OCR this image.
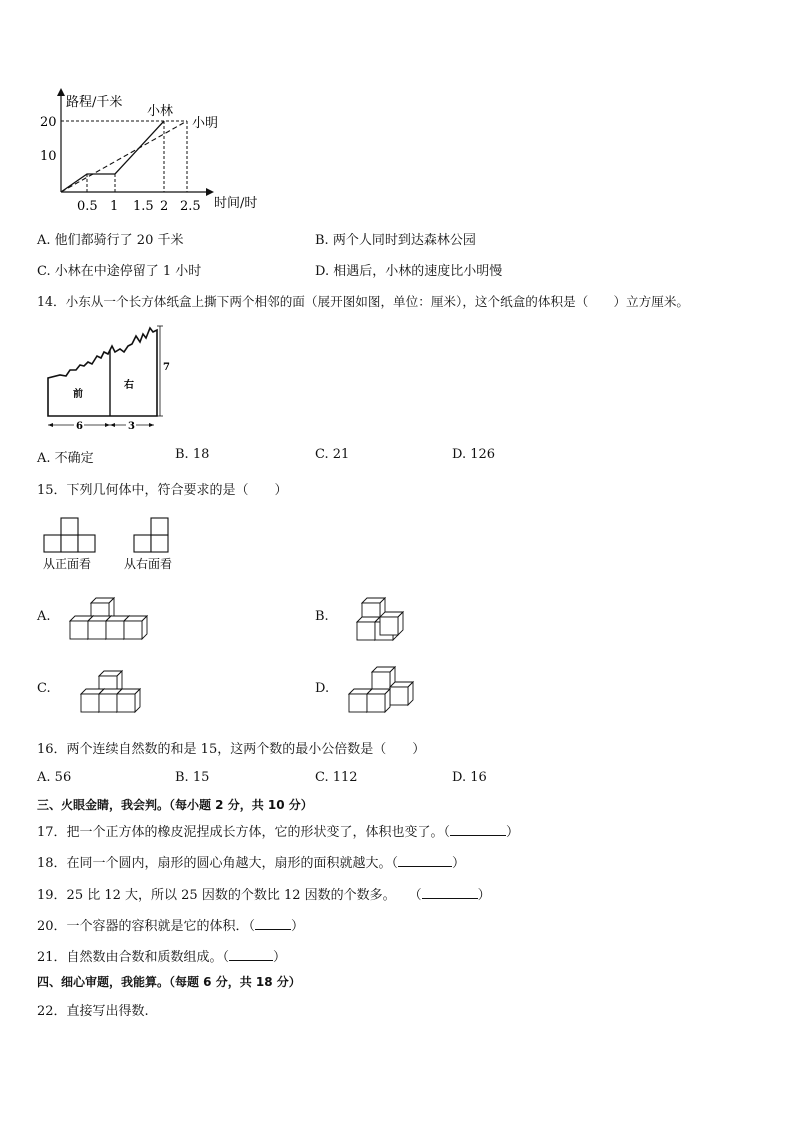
路程/千米
时间/时
20
10
0.5 1 1.5 2 2.5
小林
小明
A. 他们都骑行了 20 千米	B. 两个人同时到达森林公园
C. 小林在中途停留了 1 小时	D. 相遇后，小林的速度比小明慢
14．小东从一个长方体纸盒上撕下两个相邻的面（展开图如图，单位：厘米），这个纸盒的体积是（　　）立方厘米。
前
右
7
6	3
A. 不确定	B. 18	C. 21	D. 126
15．下列几何体中，符合要求的是（　　）
从正面看	从右面看
A.	B.
C.	D.
16．两个连续自然数的和是 15，这两个数的最小公倍数是（　　）
A. 56	B. 15	C. 112	D. 16
三、火眼金睛，我会判。（每小题 2 分，共 10 分）
17．把一个正方体的橡皮泥捏成长方体，它的形状变了，体积也变了。（	）
18．在同一个圆内，扇形的圆心角越大，扇形的面积就越大。（	）
19．25 比 12 大，所以 25 因数的个数比 12 因数的个数多。　　（	）
20．一个容器的容积就是它的体积．（	）
21．自然数由合数和质数组成。（	）
四、细心审题，我能算。（每题 6 分，共 18 分）
22．直接写出得数.
